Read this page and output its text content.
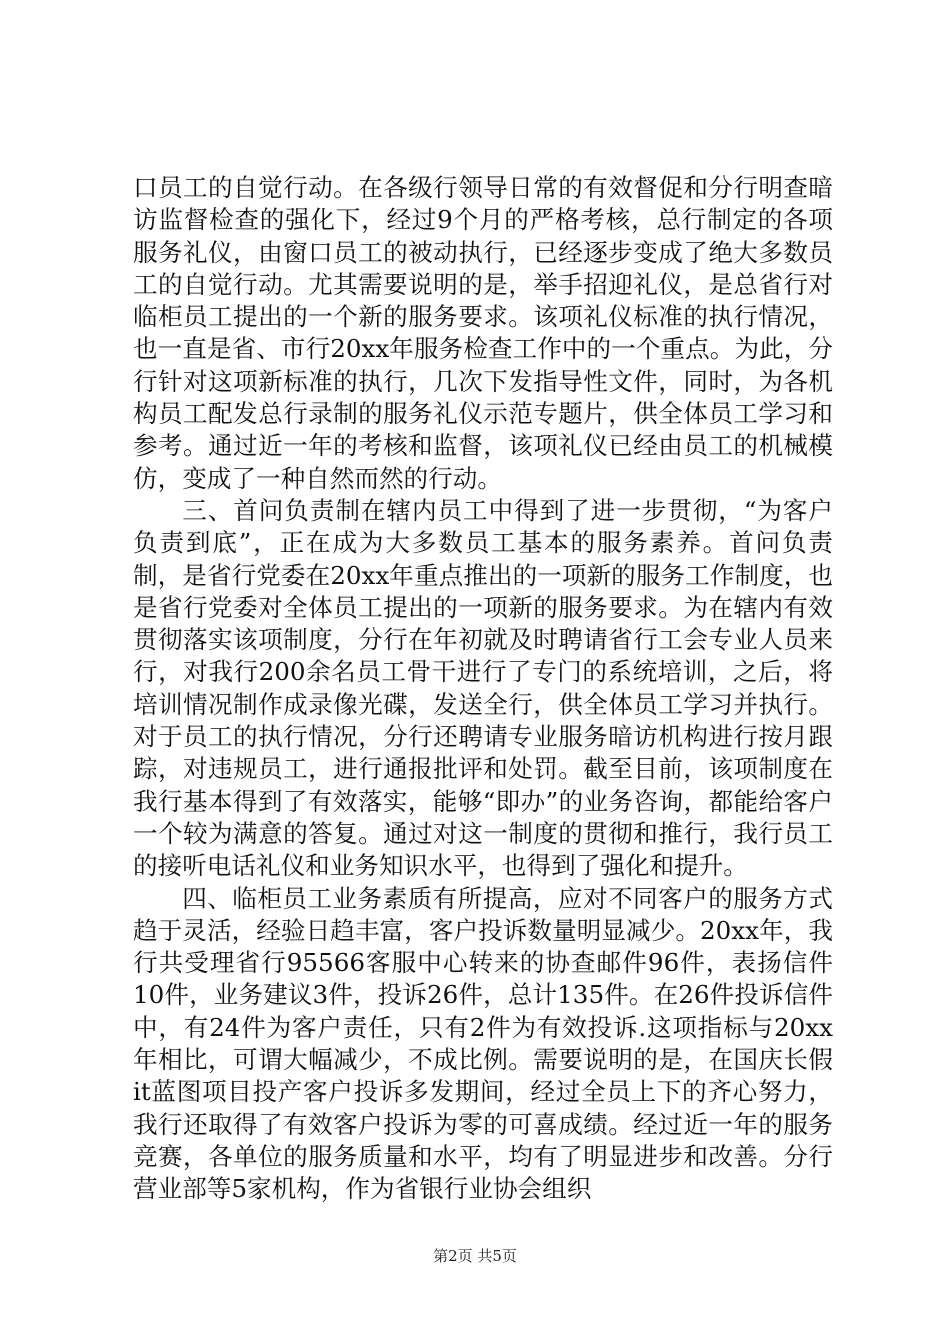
口员工的自觉行动。在各级行领导日常的有效督促和分行明查暗访监督检查的强化下，经过9个月的严格考核，总行制定的各项服务礼仪，由窗口员工的被动执行，已经逐步变成了绝大多数员工的自觉行动。尤其需要说明的是，举手招迎礼仪，是总省行对临柜员工提出的一个新的服务要求。该项礼仪标准的执行情况，也一直是省、市行20xx年服务检查工作中的一个重点。为此，分行针对这项新标准的执行，几次下发指导性文件，同时，为各机构员工配发总行录制的服务礼仪示范专题片，供全体员工学习和参考。通过近一年的考核和监督，该项礼仪已经由员工的机械模仿，变成了一种自然而然的行动。

三、首问负责制在辖内员工中得到了进一步贯彻，“为客户负责到底”，正在成为大多数员工基本的服务素养。首问负责制，是省行党委在20xx年重点推出的一项新的服务工作制度，也是省行党委对全体员工提出的一项新的服务要求。为在辖内有效贯彻落实该项制度，分行在年初就及时聘请省行工会专业人员来行，对我行200余名员工骨干进行了专门的系统培训，之后，将培训情况制作成录像光碟，发送全行，供全体员工学习并执行。对于员工的执行情况，分行还聘请专业服务暗访机构进行按月跟踪，对违规员工，进行通报批评和处罚。截至目前，该项制度在我行基本得到了有效落实，能够“即办”的业务咨询，都能给客户一个较为满意的答复。通过对这一制度的贯彻和推行，我行员工的接听电话礼仪和业务知识水平，也得到了强化和提升。

四、临柜员工业务素质有所提高，应对不同客户的服务方式趋于灵活，经验日趋丰富，客户投诉数量明显减少。20xx年，我行共受理省行95566客服中心转来的协查邮件96件，表扬信件10件，业务建议3件，投诉26件，总计135件。在26件投诉信件中，有24件为客户责任，只有2件为有效投诉.这项指标与20xx年相比，可谓大幅减少，不成比例。需要说明的是，在国庆长假it蓝图项目投产客户投诉多发期间，经过全员上下的齐心努力，我行还取得了有效客户投诉为零的可喜成绩。经过近一年的服务竞赛，各单位的服务质量和水平，均有了明显进步和改善。分行营业部等5家机构，作为省银行业协会组织

第2页 共5页
